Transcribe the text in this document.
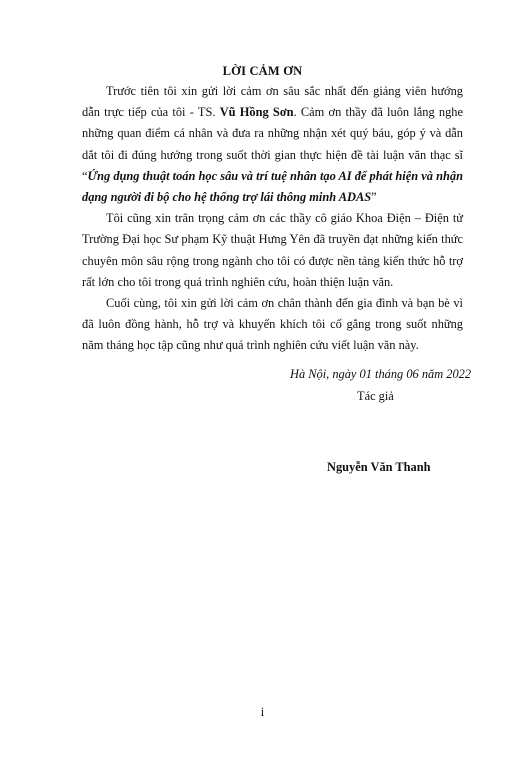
LỜI CẢM ƠN

Trước tiên tôi xin gửi lời cảm ơn sâu sắc nhất đến giảng viên hướng dẫn trực tiếp của tôi - TS. Vũ Hồng Sơn. Cảm ơn thầy đã luôn lắng nghe những quan điểm cá nhân và đưa ra những nhận xét quý báu, góp ý và dẫn dắt tôi đi đúng hướng trong suốt thời gian thực hiện đề tài luận văn thạc sĩ “Ứng dụng thuật toán học sâu và trí tuệ nhân tạo AI để phát hiện và nhận dạng người đi bộ cho hệ thống trợ lái thông minh ADAS”

Tôi cũng xin trân trọng cảm ơn các thầy cô giáo Khoa Điện – Điện tử Trường Đại học Sư phạm Kỹ thuật Hưng Yên đã truyền đạt những kiến thức chuyên môn sâu rộng trong ngành cho tôi có được nền tảng kiến thức hỗ trợ rất lớn cho tôi trong quá trình nghiên cứu, hoàn thiện luận văn.

Cuối cùng, tôi xin gửi lời cảm ơn chân thành đến gia đình và bạn bè vì đã luôn đồng hành, hỗ trợ và khuyến khích tôi cố gắng trong suốt những năm tháng học tập cũng như quá trình nghiên cứu viết luận văn này.

Hà Nội, ngày 01 tháng 06 năm 2022
Tác giả
Nguyễn Văn Thanh
i
